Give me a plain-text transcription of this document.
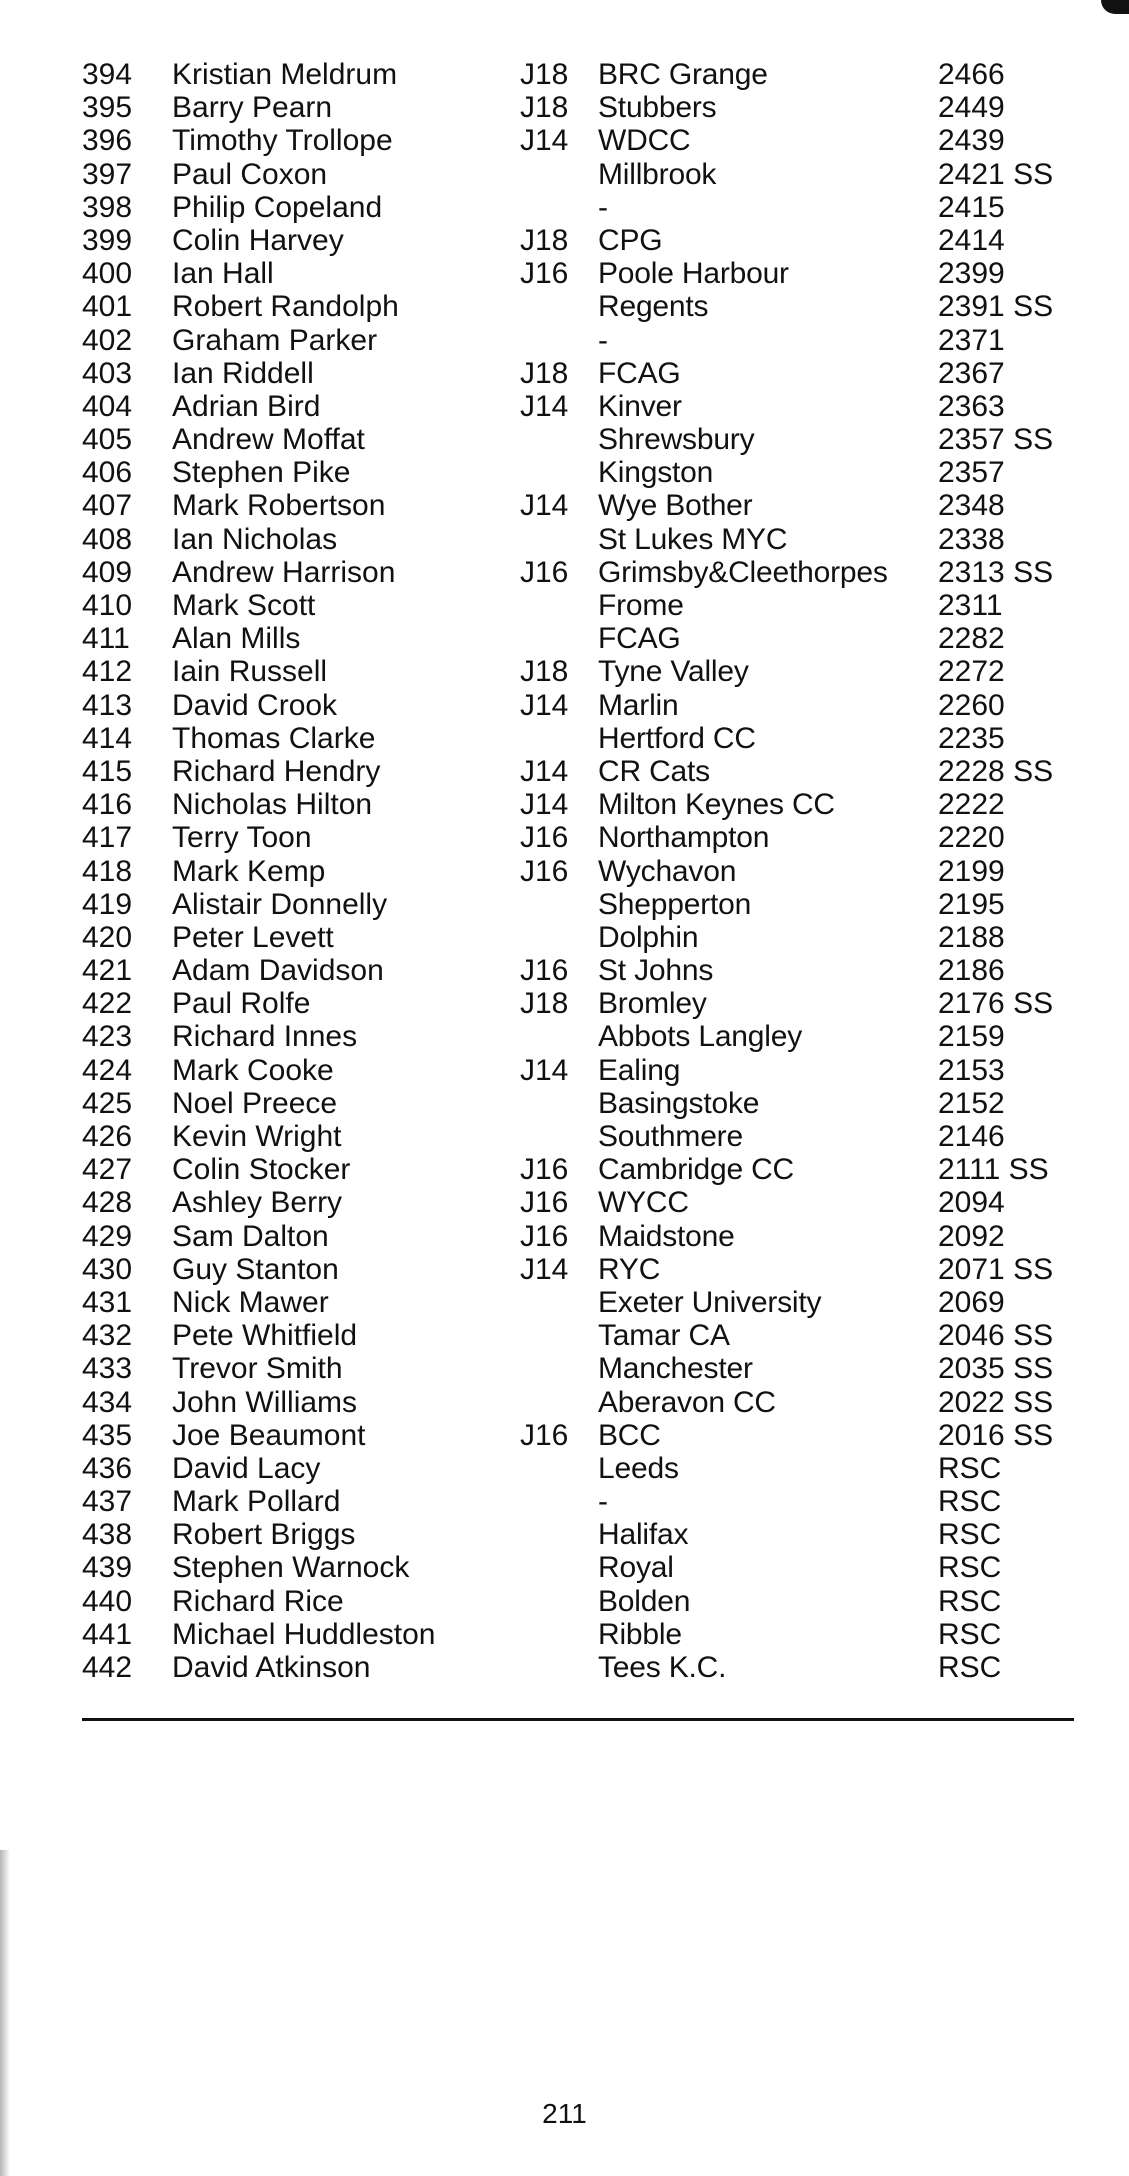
394	Kristian Meldrum	J18 BRC Grange	2466
395	Barry Pearn	J18 Stubbers	2449
396	Timothy Trollope	J14 WDCC	2439
397	Paul Coxon	Millbrook	2421 SS
398	Philip Copeland	-	2415
399	Colin Harvey	J18 CPG	2414
400	Ian Hall	J16 Poole Harbour	2399
401	Robert Randolph	Regents	2391 SS
402	Graham Parker	-	2371
403	Ian Riddell	J18 FCAG	2367
404	Adrian Bird	J14 Kinver	2363
405	Andrew Moffat	Shrewsbury	2357 SS
406	Stephen Pike	Kingston	2357
407	Mark Robertson	J14 Wye Bother	2348
408	Ian Nicholas	St Lukes MYC	2338
409	Andrew Harrison	J16 Grimsby&Cleethorpes	2313 SS
410	Mark Scott	Frome	2311
411	Alan Mills	FCAG	2282
412	Iain Russell	J18 Tyne Valley	2272
413	David Crook	J14 Marlin	2260
414	Thomas Clarke	Hertford CC	2235
415	Richard Hendry	J14 CR Cats	2228 SS
416	Nicholas Hilton	J14 Milton Keynes CC	2222
417	Terry Toon	J16 Northampton	2220
418	Mark Kemp	J16 Wychavon	2199
419	Alistair Donnelly	Shepperton	2195
420	Peter Levett	Dolphin	2188
421	Adam Davidson	J16 St Johns	2186
422	Paul Rolfe	J18 Bromley	2176 SS
423	Richard Innes	Abbots Langley	2159
424	Mark Cooke	J14 Ealing	2153
425	Noel Preece	Basingstoke	2152
426	Kevin Wright	Southmere	2146
427	Colin Stocker	J16 Cambridge CC	2111 SS
428	Ashley Berry	J16 WYCC	2094
429	Sam Dalton	J16 Maidstone	2092
430	Guy Stanton	J14 RYC	2071 SS
431	Nick Mawer	Exeter University	2069
432	Pete Whitfield	Tamar CA	2046 SS
433	Trevor Smith	Manchester	2035 SS
434	John Williams	Aberavon CC	2022 SS
435	Joe Beaumont	J16 BCC	2016 SS
436	David Lacy	Leeds	RSC
437	Mark Pollard	-	RSC
438	Robert Briggs	Halifax	RSC
439	Stephen Warnock	Royal	RSC
440	Richard Rice	Bolden	RSC
441	Michael Huddleston	Ribble	RSC
442	David Atkinson	Tees K.C.	RSC
211
